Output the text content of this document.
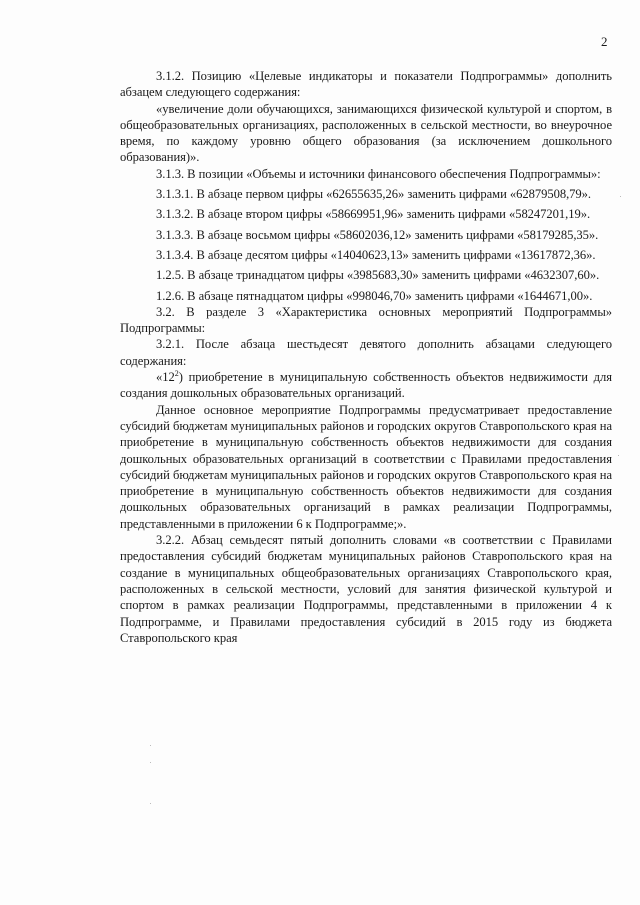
2

3.1.2. Позицию «Целевые индикаторы и показатели Подпрограммы» дополнить абзацем следующего содержания:

«увеличение доли обучающихся, занимающихся физической культурой и спортом, в общеобразовательных организациях, расположенных в сельской местности, во внеурочное время, по каждому уровню общего образования (за исключением дошкольного образования)».

3.1.3. В позиции «Объемы и источники финансового обеспечения Подпрограммы»:

3.1.3.1. В абзаце первом цифры «62655635,26» заменить цифрами «62879508,79».

3.1.3.2. В абзаце втором цифры «58669951,96» заменить цифрами «58247201,19».

3.1.3.3. В абзаце восьмом цифры «58602036,12» заменить цифрами «58179285,35».

3.1.3.4. В абзаце десятом цифры «14040623,13» заменить цифрами «13617872,36».

1.2.5. В абзаце тринадцатом цифры «3985683,30» заменить цифрами «4632307,60».

1.2.6. В абзаце пятнадцатом цифры «998046,70» заменить цифрами «1644671,00».

3.2. В разделе 3 «Характеристика основных мероприятий Подпрограммы» Подпрограммы:

3.2.1. После абзаца шестьдесят девятого дополнить абзацами следующего содержания:

«$12^2$) приобретение в муниципальную собственность объектов недвижимости для создания дошкольных образовательных организаций.

Данное основное мероприятие Подпрограммы предусматривает предоставление субсидий бюджетам муниципальных районов и городских округов Ставропольского края на приобретение в муниципальную собственность объектов недвижимости для создания дошкольных образовательных организаций в соответствии с Правилами предоставления субсидий бюджетам муниципальных районов и городских округов Ставропольского края на приобретение в муниципальную собственность объектов недвижимости для создания дошкольных образовательных организаций в рамках реализации Подпрограммы, представленными в приложении 6 к Подпрограмме;».

3.2.2. Абзац семьдесят пятый дополнить словами «в соответствии с Правилами предоставления субсидий бюджетам муниципальных районов Ставропольского края на создание в муниципальных общеобразовательных организациях Ставропольского края, расположенных в сельской местности, условий для занятия физической культурой и спортом в рамках реализации Подпрограммы, представленными в приложении 4 к Подпрограмме, и Правилами предоставления субсидий в 2015 году из бюджета Ставропольского края
